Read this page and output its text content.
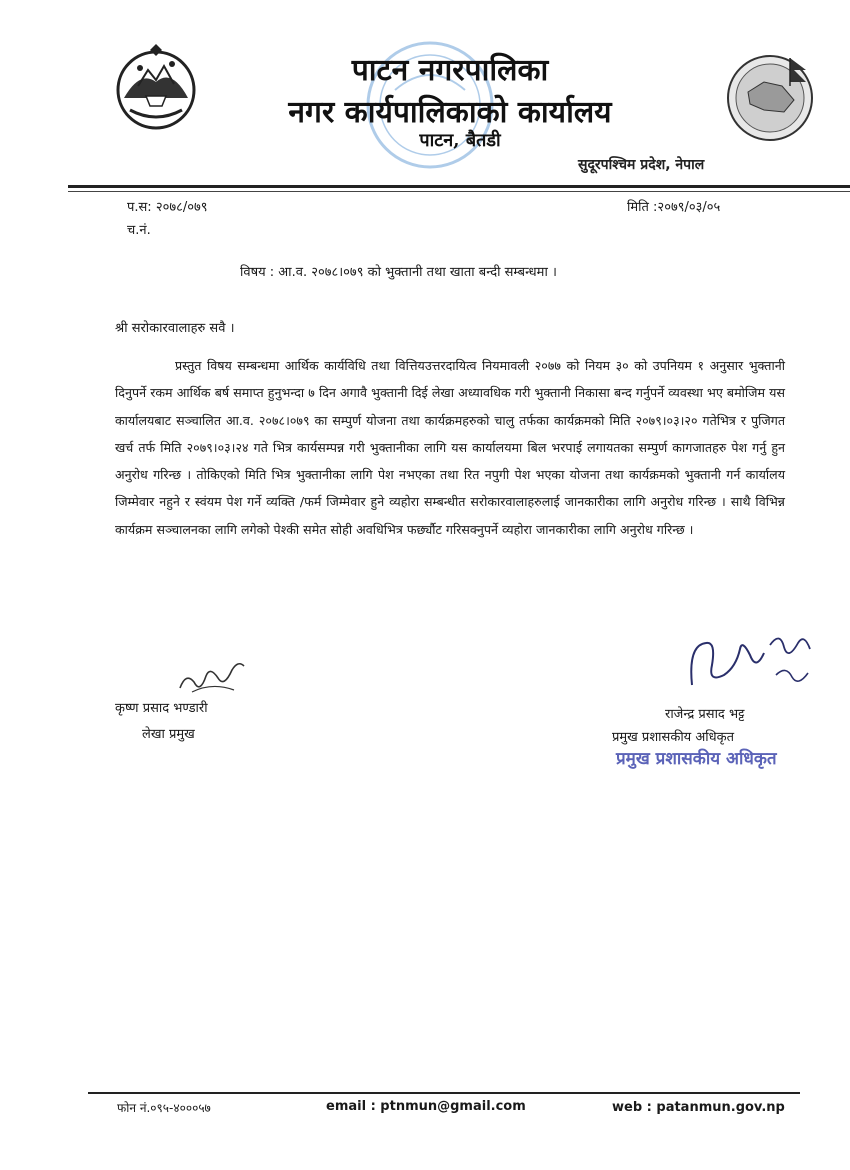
पाटन नगरपालिका
नगर कार्यपालिकाको कार्यालय
पाटन, बैतडी
सुदूरपश्चिम प्रदेश, नेपाल
प.स: २०७८/०७९	मिति :२०७९/०३/०५
च.नं.
विषय : आ.व. २०७८।०७९ को भुक्तानी तथा खाता बन्दी सम्बन्धमा ।
श्री सरोकारवालाहरु सवै ।
प्रस्तुत विषय सम्बन्धमा आर्थिक कार्यविधि तथा वित्तियउत्तरदायित्व नियमावली २०७७ को नियम ३० को उपनियम १ अनुसार भुक्तानी दिनुपर्ने रकम आर्थिक बर्ष समाप्त हुनुभन्दा ७ दिन अगावै भुक्तानी दिई लेखा अध्यावधिक गरी भुक्तानी निकासा बन्द गर्नुपर्ने व्यवस्था भए बमोजिम यस कार्यालयबाट सञ्चालित आ.व. २०७८।०७९ का सम्पुर्ण योजना तथा कार्यक्रमहरुको चालु तर्फका कार्यक्रमको मिति २०७९।०३।२० गतेभित्र र पुजिगत खर्च तर्फ मिति २०७९।०३।२४ गते भित्र कार्यसम्पन्न गरी भुक्तानीका लागि यस कार्यालयमा बिल भरपाई लगायतका सम्पुर्ण कागजातहरु पेश गर्नु हुन अनुरोध गरिन्छ । तोकिएको मिति भित्र भुक्तानीका लागि पेश नभएका तथा रित नपुगी पेश भएका योजना तथा कार्यक्रमको भुक्तानी गर्न कार्यालय जिम्मेवार नहुने र स्वंयम पेश गर्ने व्यक्ति /फर्म जिम्मेवार हुने व्यहोरा सम्बन्धीत सरोकारवालाहरुलाई जानकारीका लागि अनुरोध गरिन्छ । साथै विभिन्न कार्यक्रम सञ्चालनका लागि लगेको पेश्की समेत सोही अवधिभित्र फर्छ्यौट गरिसक्नुपर्ने व्यहोरा जानकारीका लागि अनुरोध गरिन्छ ।
कृष्ण प्रसाद भण्डारी
लेखा प्रमुख
राजेन्द्र प्रसाद भट्ट
प्रमुख प्रशासकीय अधिकृत
प्रमुख प्रशासकीय अधिकृत
फोन नं.०९५-४०००५७	email : ptnmun@gmail.com	web : patanmun.gov.np
